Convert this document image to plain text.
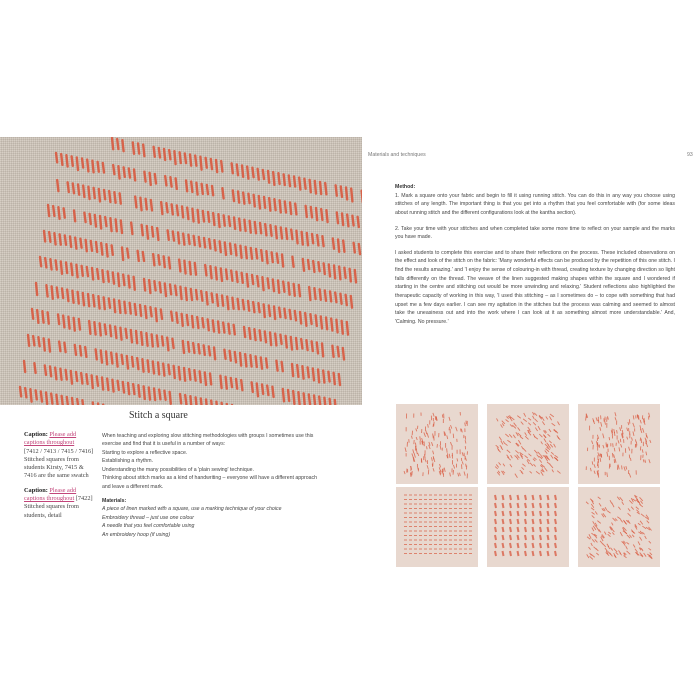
Caption: Please add captions throughout
[7412 / 7413 / 7415 / 7416]
Stitched squares from students Kirsty, 7415 & 7416 are the same swatch
Caption: Please add captions throughout [7422]
Stitched squares from students, detail
Stitch a square

When teaching and exploring slow stitching methodologies with groups I sometimes use this

exercise and find that it is useful in a number of ways:

Starting to explore a reflective space.

Establishing a rhythm.

Understanding the many possibilities of a 'plain sewing' technique.

Thinking about stitch marks as a kind of handwriting – everyone will have a different approach

and leave a different mark.

Materials:
A piece of linen marked with a square, use a marking technique of your choice
Embroidery thread – just use one colour
A needle that you feel comfortable using
An embroidery hoop (if using)
Materials and techniques	93
Method:

1. Mark a square onto your fabric and begin to fill it using running stitch. You can do this in any way you choose using stitches of any length. The important thing is that you get into a rhythm that you feel comfortable with (for some ideas about running stitch and the different configurations look at the kantha section).

2. Take your time with your stitches and when completed take some more time to reflect on your sample and the marks you have made.

I asked students to complete this exercise and to share their reflections on the process. These included observations on the effect and look of the stitch on the fabric: 'Many wonderful effects can be produced by the repetition of this one stitch. I find the results amazing.' and 'I enjoy the sense of colouring-in with thread, creating texture by changing direction so light falls differently on the thread. The weave of the linen suggested making shapes within the square and I wondered if starting in the centre and stitching out would be more unwinding and relaxing.' Student reflections also highlighted the therapeutic capacity of working in this way, 'I used this stitching – as I sometimes do – to cope with something that had upset me a few days earlier. I can see my agitation in the stitches but the process was calming and seemed to almost take the uneasiness out and into the work where I can look at it as something almost more understandable.' And, 'Calming. No pressure.'
